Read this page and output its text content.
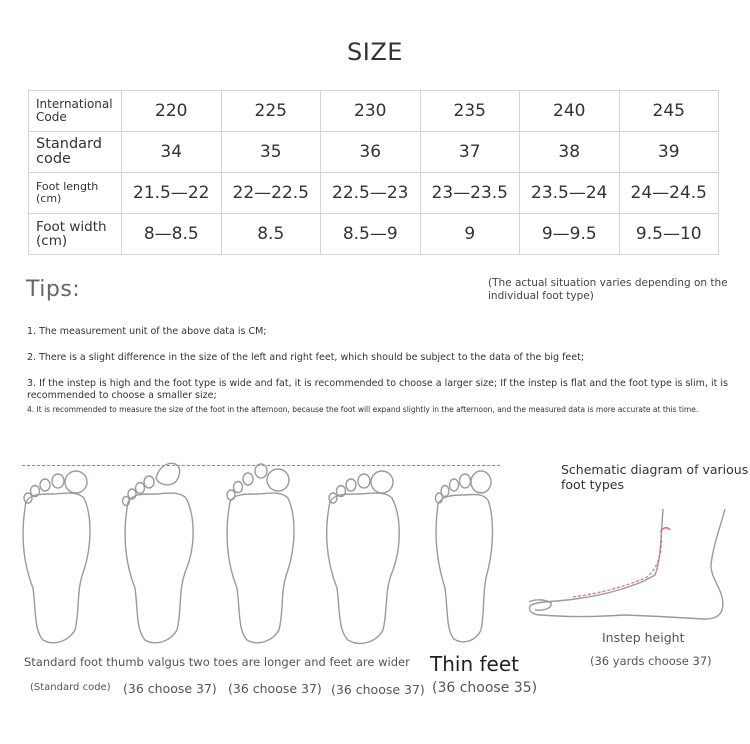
SIZE
International Code	220	225	230	235	240	245
Standard code	34	35	36	37	38	39
Foot length (cm)	21.5—22	22—22.5	22.5—23	23—23.5	23.5—24	24—24.5
Foot width (cm)	8—8.5	8.5	8.5—9	9	9—9.5	9.5—10
Tips:	(The actual situation varies depending on the individual foot type)
1. The measurement unit of the above data is CM;
2. There is a slight difference in the size of the left and right feet, which should be subject to the data of the big feet;
3. If the instep is high and the foot type is wide and fat, it is recommended to choose a larger size; If the instep is flat and the foot type is slim, it is recommended to choose a smaller size;
4. It is recommended to measure the size of the foot in the afternoon, because the foot will expand slightly in the afternoon, and the measured data is more accurate at this time.
Standard foot thumb valgus two toes are longer and feet are wider Thin feet
(Standard code) (36 choose 37) (36 choose 37) (36 choose 37) (36 choose 35)
Schematic diagram of various foot types
Instep height
(36 yards choose 37)
